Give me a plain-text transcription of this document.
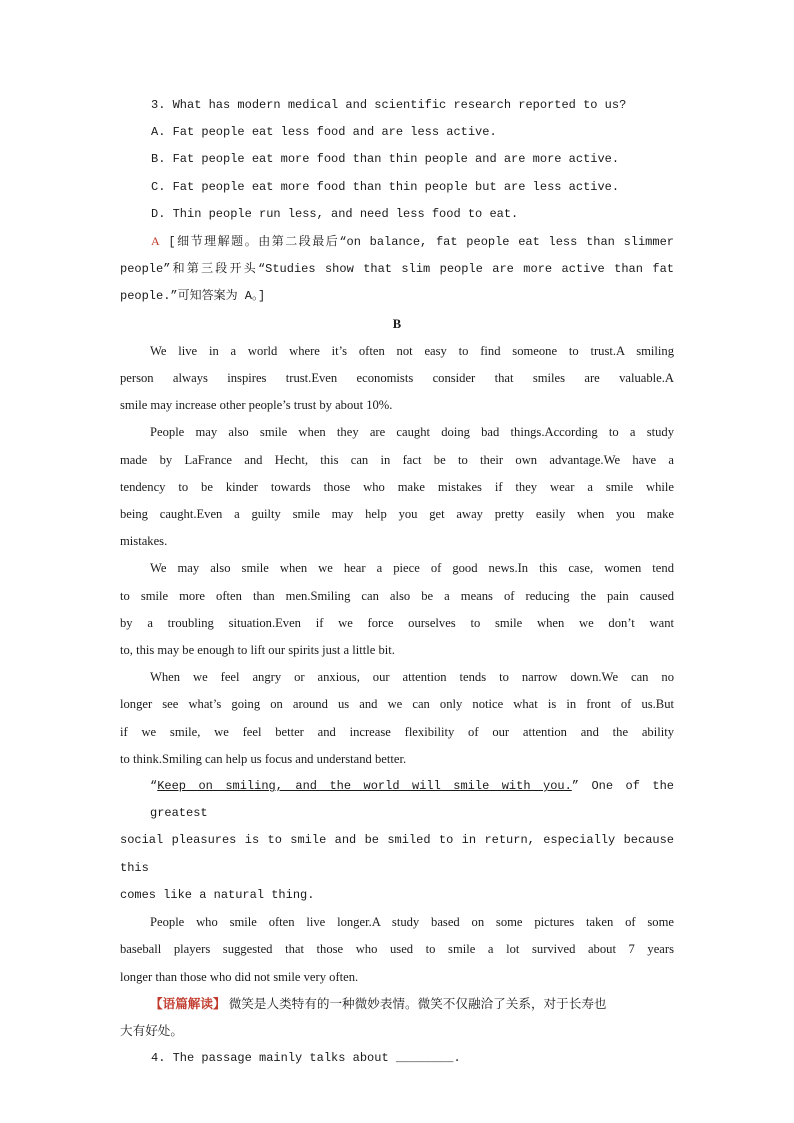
3. What has modern medical and scientific research reported to us?
A. Fat people eat less food and are less active.
B. Fat people eat more food than thin people and are more active.
C. Fat people eat more food than thin people but are less active.
D. Thin people run less, and need less food to eat.
A [细节理解题。由第二段最后“on balance, fat people eat less than slimmer
people”和第三段开头“Studies show that slim people are more active than fat
people.”可知答案为 A。]
B
We live in a world where it’s often not easy to find someone to trust.A smiling
person always inspires trust.Even economists consider that smiles are valuable.A
smile may increase other people’s trust by about 10%.
People may also smile when they are caught doing bad things.According to a study
made by LaFrance and Hecht, this can in fact be to their own advantage.We have a
tendency to be kinder towards those who make mistakes if they wear a smile while
being caught.Even a guilty smile may help you get away pretty easily when you make
mistakes.
We may also smile when we hear a piece of good news.In this case, women tend
to smile more often than men.Smiling can also be a means of reducing the pain caused
by a troubling situation.Even if we force ourselves to smile when we don’t want
to, this may be enough to lift our spirits just a little bit.
When we feel angry or anxious, our attention tends to narrow down.We can no
longer see what’s going on around us and we can only notice what is in front of us.But
if we smile, we feel better and increase flexibility of our attention and the ability
to think.Smiling can help us focus and understand better.
“Keep on smiling, and the world will smile with you.” One of the greatest
social pleasures is to smile and be smiled to in return, especially because this
comes like a natural thing.
People who smile often live longer.A study based on some pictures taken of some
baseball players suggested that those who used to smile a lot survived about 7 years
longer than those who did not smile very often.
【语篇解读】 微笑是人类特有的一种微妙表情。微笑不仅融洽了关系，对于长寿也
大有好处。
4. The passage mainly talks about ________.
